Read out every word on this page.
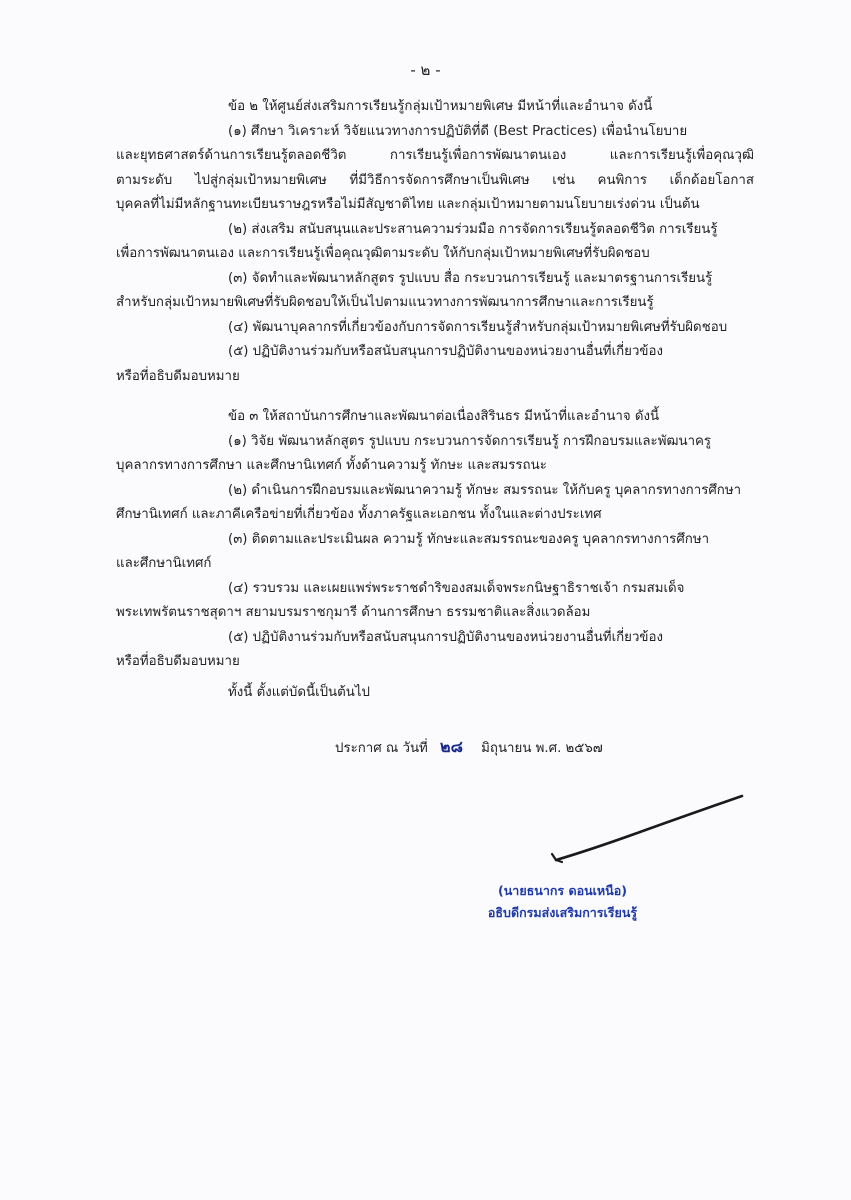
- ๒ -
ข้อ ๒ ให้ศูนย์ส่งเสริมการเรียนรู้กลุ่มเป้าหมายพิเศษ มีหน้าที่และอำนาจ ดังนี้
(๑) ศึกษา วิเคราะห์ วิจัยแนวทางการปฏิบัติที่ดี (Best Practices) เพื่อนำนโยบาย
และยุทธศาสตร์ด้านการเรียนรู้ตลอดชีวิต การเรียนรู้เพื่อการพัฒนาตนเอง และการเรียนรู้เพื่อคุณวุฒิ
ตามระดับ ไปสู่กลุ่มเป้าหมายพิเศษ ที่มีวิธีการจัดการศึกษาเป็นพิเศษ เช่น คนพิการ เด็กด้อยโอกาส
บุคคลที่ไม่มีหลักฐานทะเบียนราษฎรหรือไม่มีสัญชาติไทย และกลุ่มเป้าหมายตามนโยบายเร่งด่วน เป็นต้น
(๒) ส่งเสริม สนับสนุนและประสานความร่วมมือ การจัดการเรียนรู้ตลอดชีวิต การเรียนรู้
เพื่อการพัฒนาตนเอง และการเรียนรู้เพื่อคุณวุฒิตามระดับ ให้กับกลุ่มเป้าหมายพิเศษที่รับผิดชอบ
(๓) จัดทำและพัฒนาหลักสูตร รูปแบบ สื่อ กระบวนการเรียนรู้ และมาตรฐานการเรียนรู้
สำหรับกลุ่มเป้าหมายพิเศษที่รับผิดชอบให้เป็นไปตามแนวทางการพัฒนาการศึกษาและการเรียนรู้
(๔) พัฒนาบุคลากรที่เกี่ยวข้องกับการจัดการเรียนรู้สำหรับกลุ่มเป้าหมายพิเศษที่รับผิดชอบ
(๕) ปฏิบัติงานร่วมกับหรือสนับสนุนการปฏิบัติงานของหน่วยงานอื่นที่เกี่ยวข้อง
หรือที่อธิบดีมอบหมาย
ข้อ ๓ ให้สถาบันการศึกษาและพัฒนาต่อเนื่องสิรินธร มีหน้าที่และอำนาจ ดังนี้
(๑) วิจัย พัฒนาหลักสูตร รูปแบบ กระบวนการจัดการเรียนรู้ การฝึกอบรมและพัฒนาครู
บุคลากรทางการศึกษา และศึกษานิเทศก์ ทั้งด้านความรู้ ทักษะ และสมรรถนะ
(๒) ดำเนินการฝึกอบรมและพัฒนาความรู้ ทักษะ สมรรถนะ ให้กับครู บุคลากรทางการศึกษา
ศึกษานิเทศก์ และภาคีเครือข่ายที่เกี่ยวข้อง ทั้งภาครัฐและเอกชน ทั้งในและต่างประเทศ
(๓) ติดตามและประเมินผล ความรู้ ทักษะและสมรรถนะของครู บุคลากรทางการศึกษา
และศึกษานิเทศก์
(๔) รวบรวม และเผยแพร่พระราชดำริของสมเด็จพระกนิษฐาธิราชเจ้า กรมสมเด็จ
พระเทพรัตนราชสุดาฯ สยามบรมราชกุมารี ด้านการศึกษา ธรรมชาติและสิ่งแวดล้อม
(๕) ปฏิบัติงานร่วมกับหรือสนับสนุนการปฏิบัติงานของหน่วยงานอื่นที่เกี่ยวข้อง
หรือที่อธิบดีมอบหมาย
ทั้งนี้ ตั้งแต่บัดนี้เป็นต้นไป
ประกาศ ณ วันที่ ๒๘ มิถุนายน พ.ศ. ๒๕๖๗
(นายธนากร ดอนเหนือ)
อธิบดีกรมส่งเสริมการเรียนรู้
